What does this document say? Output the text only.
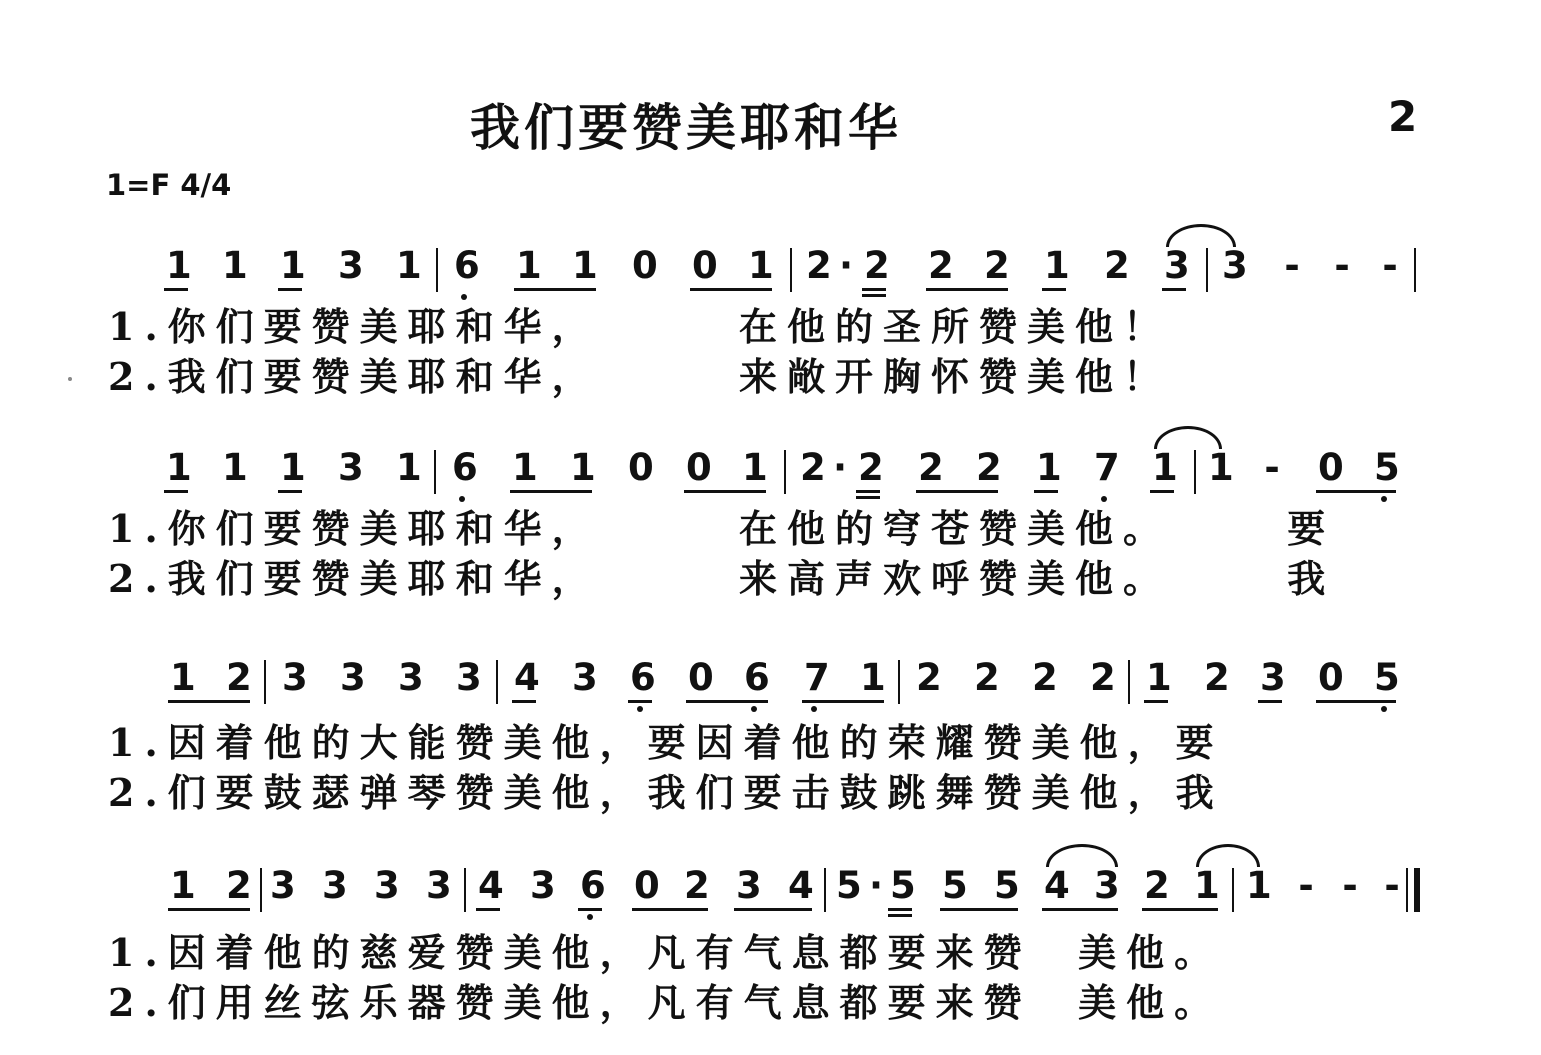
我们要赞美耶和华	2
1=F 4/4
1 1 1 3 1 6 1 1 0 0 1 2 · 2 2 2 1 2 3 3 - - -
1.你们要赞美耶和华，      在他的圣所赞美他！
2.我们要赞美耶和华，      来敞开胸怀赞美他！
1 1 1 3 1 6 1 1 0 0 1 2 · 2 2 2 1 7 1 1 - 0 5
1.你们要赞美耶和华，      在他的穹苍赞美他。     要
2.我们要赞美耶和华，      来高声欢呼赞美他。     我
1 2 3 3 3 3 4 3 6 0 6 7 1 2 2 2 2 1 2 3 0 5
1.因着他的大能赞美他，要因着他的荣耀赞美他，要
2.们要鼓瑟弹琴赞美他，我们要击鼓跳舞赞美他，我
1 2 3 3 3 3 4 3 6 0 2 3 4 5 · 5 5 5 4 3 2 1 1 - - -
1.因着他的慈爱赞美他，凡有气息都要来赞  美他。
2.们用丝弦乐器赞美他，凡有气息都要来赞  美他。
